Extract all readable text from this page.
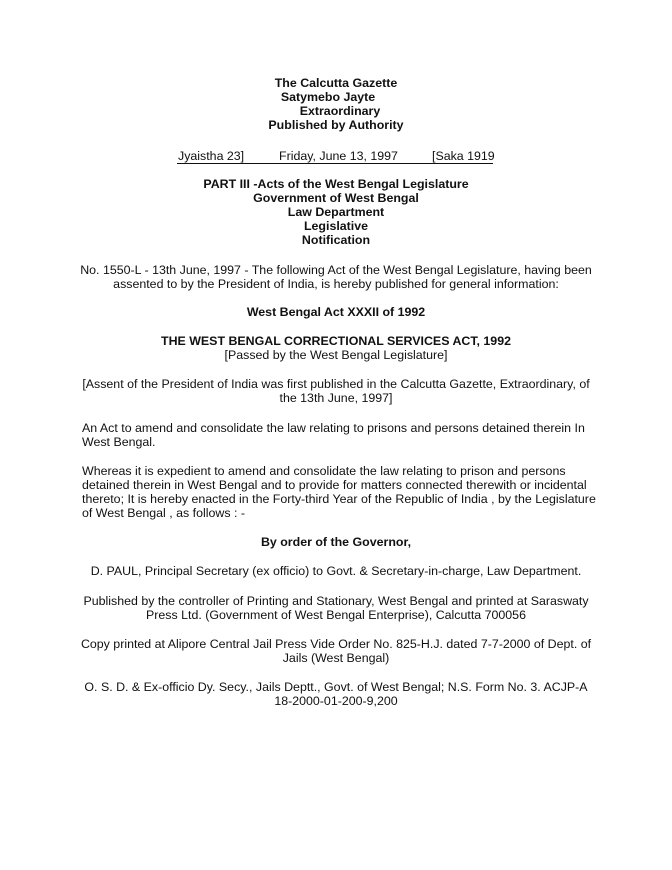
The Calcutta Gazette
Satymebo Jayte
Extraordinary
Published by Authority
Jyaistha 23]	Friday, June 13, 1997	[Saka 1919
PART III -Acts of the West Bengal Legislature
Government of West Bengal
Law Department
Legislative
Notification
No. 1550-L - 13th June, 1997 - The following Act of the West Bengal Legislature, having been
assented to by the President of India, is hereby published for general information:
West Bengal Act XXXII of 1992
THE WEST BENGAL CORRECTIONAL SERVICES ACT, 1992
[Passed by the West Bengal Legislature]
[Assent of the President of India was first published in the Calcutta Gazette, Extraordinary, of
the 13th June, 1997]
An Act to amend and consolidate the law relating to prisons and persons detained therein In
West Bengal.
Whereas it is expedient to amend and consolidate the law relating to prison and persons
detained therein in West Bengal and to provide for matters connected therewith or incidental
thereto; It is hereby enacted in the Forty-third Year of the Republic of India , by the Legislature
of West Bengal , as follows : -
By order of the Governor,
D. PAUL, Principal Secretary (ex officio) to Govt. & Secretary-in-charge, Law Department.
Published by the controller of Printing and Stationary, West Bengal and printed at Saraswaty
Press Ltd. (Government of West Bengal Enterprise), Calcutta 700056
Copy printed at Alipore Central Jail Press Vide Order No. 825-H.J. dated 7-7-2000 of Dept. of
Jails (West Bengal)
O. S. D. & Ex-officio Dy. Secy., Jails Deptt., Govt. of West Bengal; N.S. Form No. 3. ACJP-A
18-2000-01-200-9,200
